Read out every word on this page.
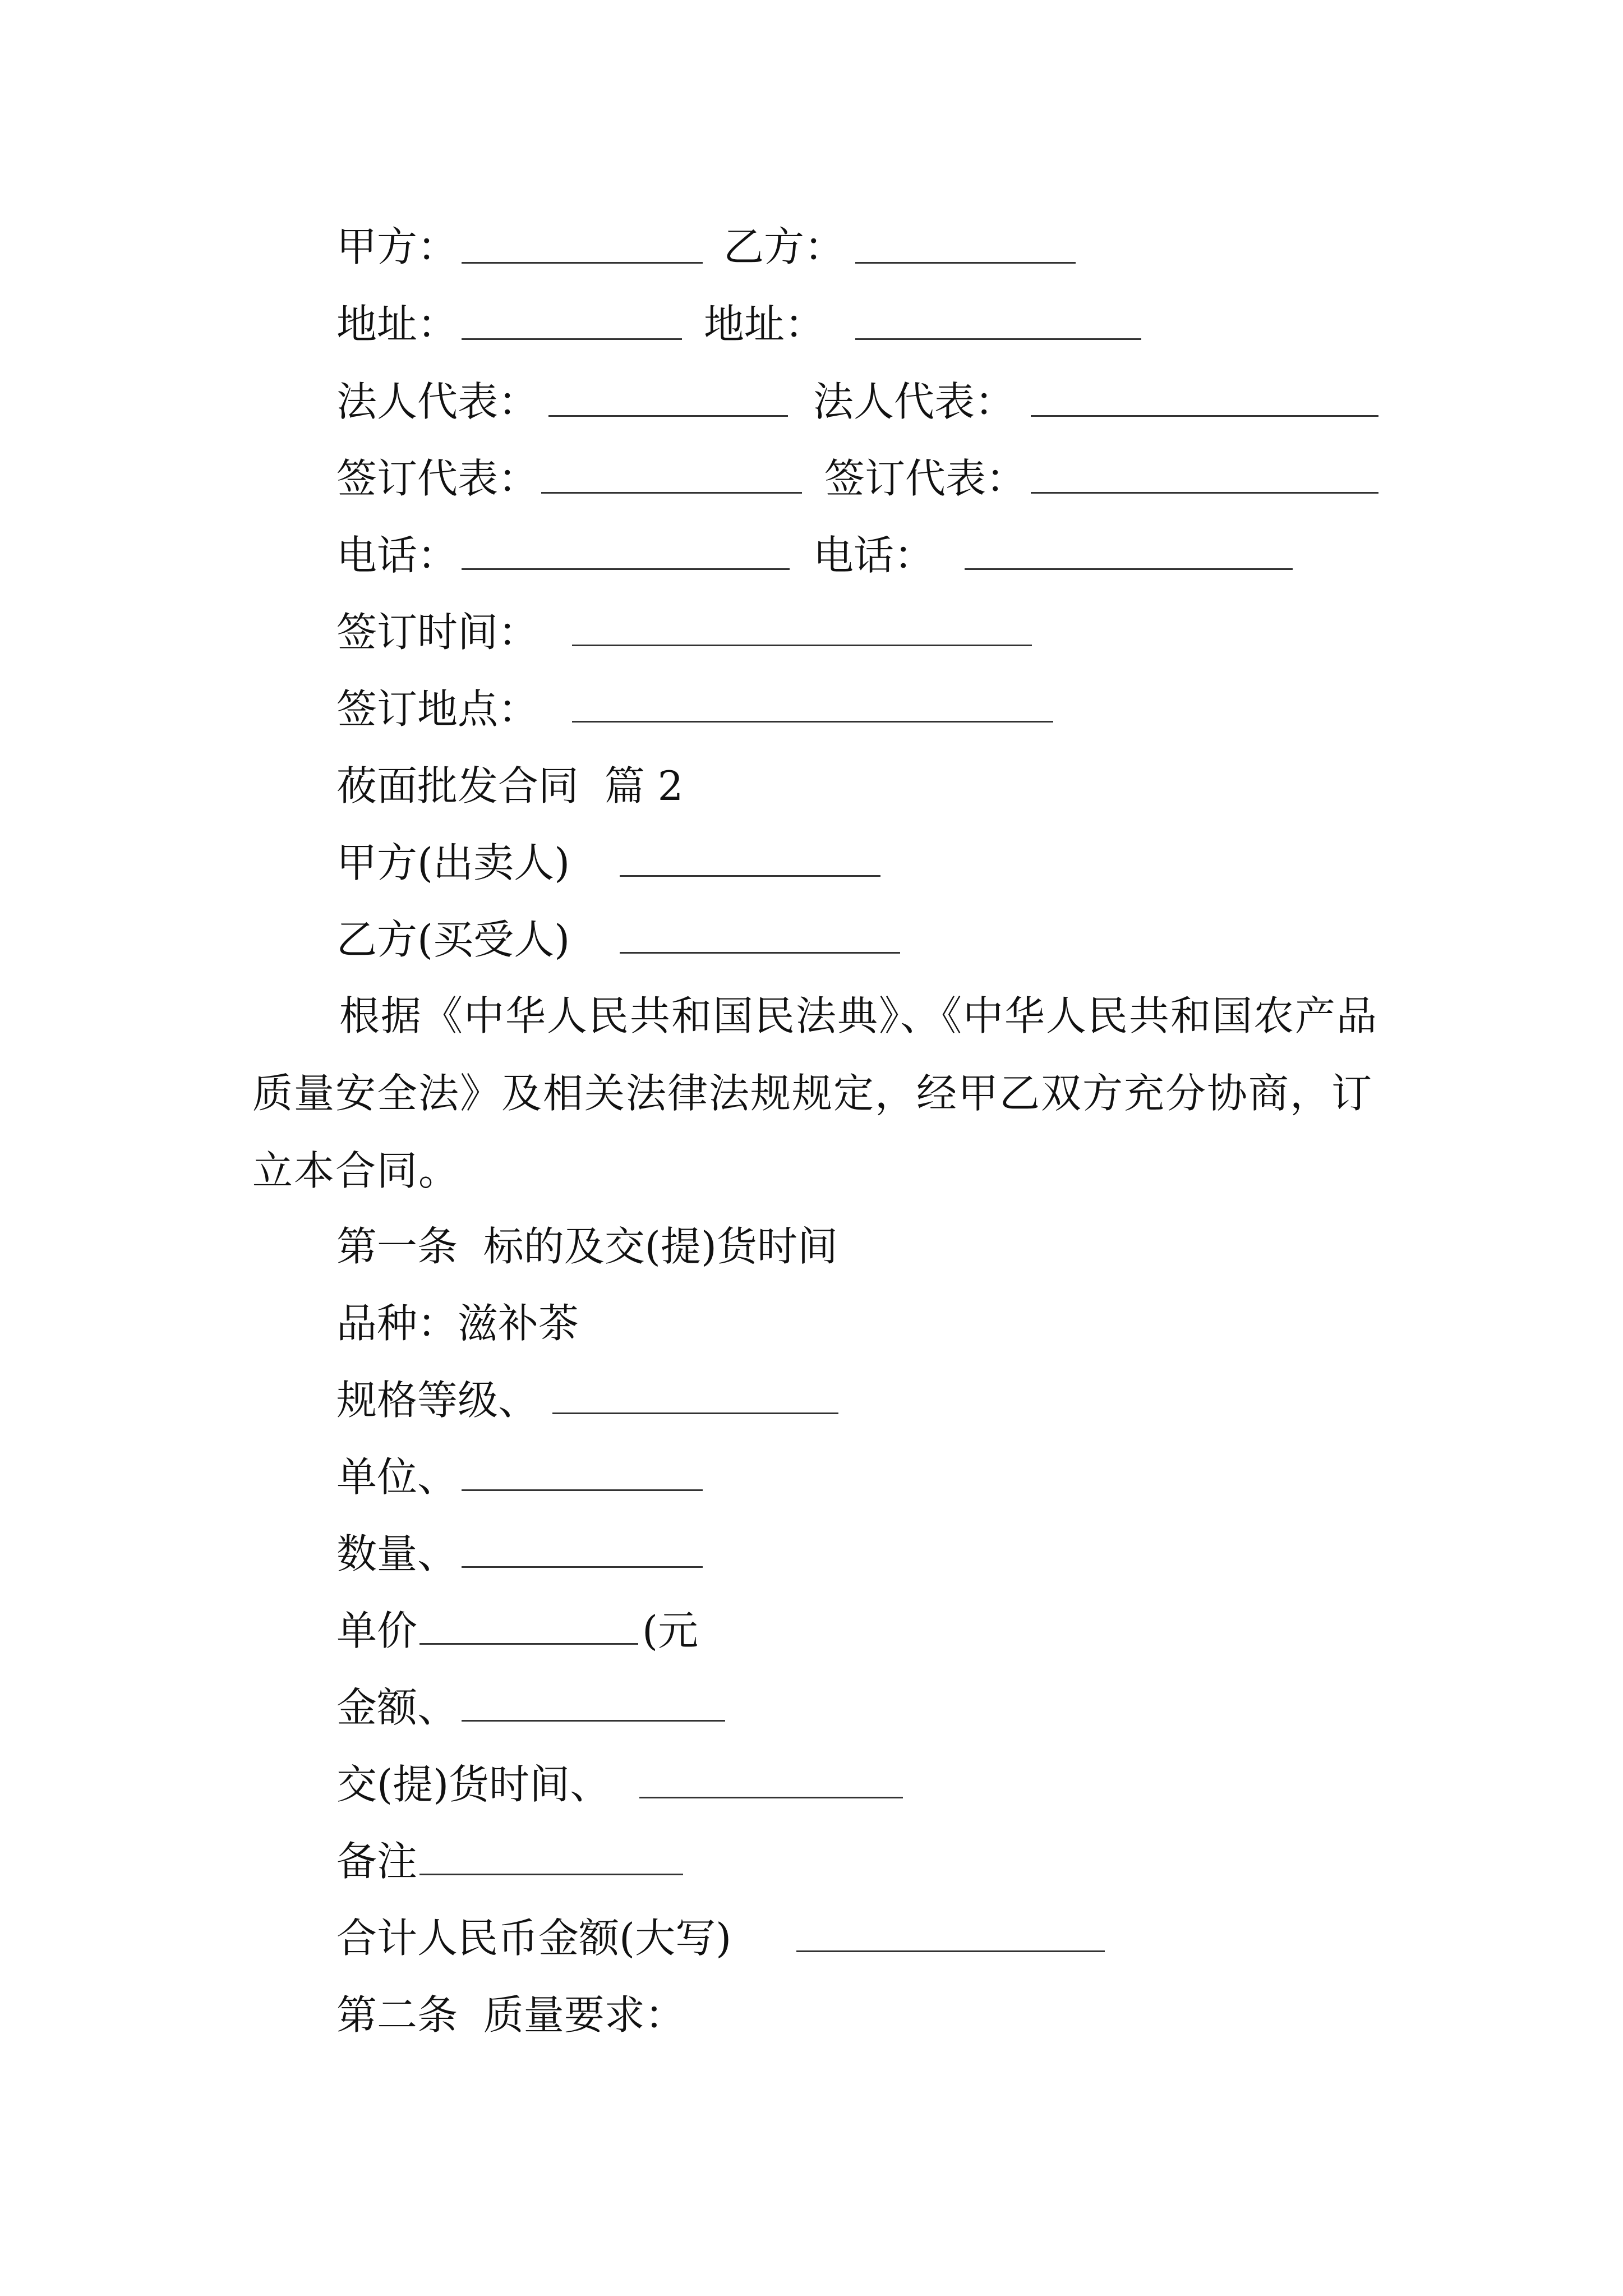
甲方：

	乙方：

地址：

	地址：

法人代表：

	法人代表：

签订代表：

	签订代表：

电话：

	电话：

签订时间：

签订地点：

莜面批发合同  篇 2

甲方(出卖人)

乙方(买受人)

根据《中华人民共和国民法典》、《中华人民共和国农产品质量安全法》及相关法律法规规定，经甲乙双方充分协商，订立本合同。

第一条  标的及交(提)货时间

品种：滋补茶

规格等级、

单位、

数量、

单价

	(元

金额、

交(提)货时间、

备注

合计人民币金额(大写)

第二条  质量要求：
